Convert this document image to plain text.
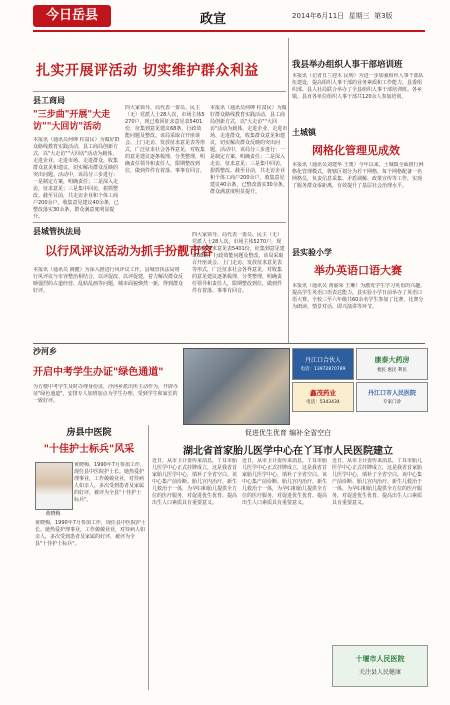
今日岳县	政宣	2014年6月11日 星期三 第3版
扎实开展评活动 切实维护群众利益
县工商局
"三步曲"开展"大走访""大回访"活动
本报讯（通讯员何缚 柱富民）为做好群众路线教育实践活动，县工商局创新方式，以"大走访""大回访"活动为载体，走进企业、走进市场、走进群众，收集群众意见和建议，切实解决群众反映的突出问题。活动中，该局分三步进行：一是制定方案，明确责任；二是深入走访，征求意见；三是集中回访，狠抓整改。截至目前，共走访企业和个体工商户200余户，收集意见建议40余条，已整改落实30余条，群众满意度明显提升。
四大家领导、局代表一委员、民主（无）党派人士28人次，市场主体5270户，现已收回征求意见表5401份，征集到意见建议68条，行政效能问题及整改。该局采取召开座谈会、上门走访、发放征求意见表等形式，广泛征求社会各界意见，对收集的意见建议逐条梳理、分类整理，明确责任领导和责任人，限期整改到位，做到件件有着落、事事有回音。
本报讯（通讯员何缚 柱富民）为做好群众路线教育实践活动，县工商局创新方式，以"大走访""大回访"活动为载体，走进企业、走进市场、走进群众，收集群众意见和建议，切实解决群众反映的突出问题。活动中，该局分三步进行：一是制定方案，明确责任；二是深入走访，征求意见；三是集中回访，狠抓整改。截至目前，共走访企业和个体工商户200余户，收集意见建议40余条，已整改落实30余条，群众满意度明显提升。
县城管执法局
以行风评议活动为抓手扮靓市容
本报讯（通讯员 姚健）为深入推进行风评议工作，县城管执法局将行风评议与市容整治相结合，以评促改、以评促建，着力解决群众反映强烈的占道经营、乱贴乱画等问题，城市面貌焕然一新，得到群众好评。
四大家领导、局代表一委员、民主（无）党派人士28人次，市场主体5270户，现已收回征求意见表5401份，征集到意见建议68条，行政效能问题及整改。该局采取召开座谈会、上门走访、发放征求意见表等形式，广泛征求社会各界意见，对收集的意见建议逐条梳理、分类整理，明确责任领导和责任人，限期整改到位，做到件件有着落、事事有回音。
我县举办组织人事干部培训班
本报讯（记者日兰迎木 民明）为进一步加强组织人事干部队伍建设，提高组织人事干部的业务素质和工作能力，县委组织部、县人社局联合举办了全县组织人事干部培训班。各乡镇、县直各单位组织人事干部共120余人参加培训。
土城镇
网格化管理见成效
本报讯（通讯员刘建华 王奥）今年以来，土城镇全面推行网格化管理模式，将辖区划分为若干网格，每个网格配备一名网格员，负责信息采集、矛盾调解、政策宣传等工作，实现了服务群众零距离，有效提升了基层社会治理水平。
县实验小学
举办英语口语大赛
本报讯（通讯员 黄丽荣 王琳）为激发学生学习英语的兴趣，提高学生英语口语表达能力，县实验小学日前举办了英语口语大赛。全校三至六年级共60余名学生参加了比赛，比赛分为朗读、情景对话、即兴演讲等环节。
沙河乡
开启中考学生办证"绿色通道"
为方便中考学生及时办理身份证，沙河乡派出所主动作为，开辟办证"绿色通道"，安排专人加班加点为学生办理，受到学生和家长的一致好评。
丹江口合伙人
电话：13972870789
康泰大药房
便民 惠民 利民
鑫茂药业
电话：5343434
丹江口市人民医院
专家门诊
房县中医院
"十佳护士标兵"风采
黄晓梅
黄晓梅，1990年7月参加工作，现任县中医院护士长。她热爱护理事业，工作兢兢业业，对待病人如亲人，多次受到患者及家属的好评，被评为全县"十佳护士标兵"。
黄晓梅，1990年7月参加工作，现任县中医院护士长。她热爱护理事业，工作兢兢业业，对待病人如亲人，多次受到患者及家属的好评，被评为全县"十佳护士标兵"。
促进优生优育 编补全省空白
湖北省首家胎儿医学中心在丫耳市人民医院建立
近日，从市卫计委传来消息，丫耳市胎儿医学中心正式挂牌成立，这是我省首家胎儿医学中心，填补了全省空白。该中心集产前诊断、胎儿宫内治疗、新生儿救治于一体，为孕妇和胎儿提供全方位的医疗服务，对促进优生优育、提高出生人口素质具有重要意义。
近日，从市卫计委传来消息，丫耳市胎儿医学中心正式挂牌成立，这是我省首家胎儿医学中心，填补了全省空白。该中心集产前诊断、胎儿宫内治疗、新生儿救治于一体，为孕妇和胎儿提供全方位的医疗服务，对促进优生优育、提高出生人口素质具有重要意义。
近日，从市卫计委传来消息，丫耳市胎儿医学中心正式挂牌成立，这是我省首家胎儿医学中心，填补了全省空白。该中心集产前诊断、胎儿宫内治疗、新生儿救治于一体，为孕妇和胎儿提供全方位的医疗服务，对促进优生优育、提高出生人口素质具有重要意义。
十堰市人民医院
关注县人民健康
